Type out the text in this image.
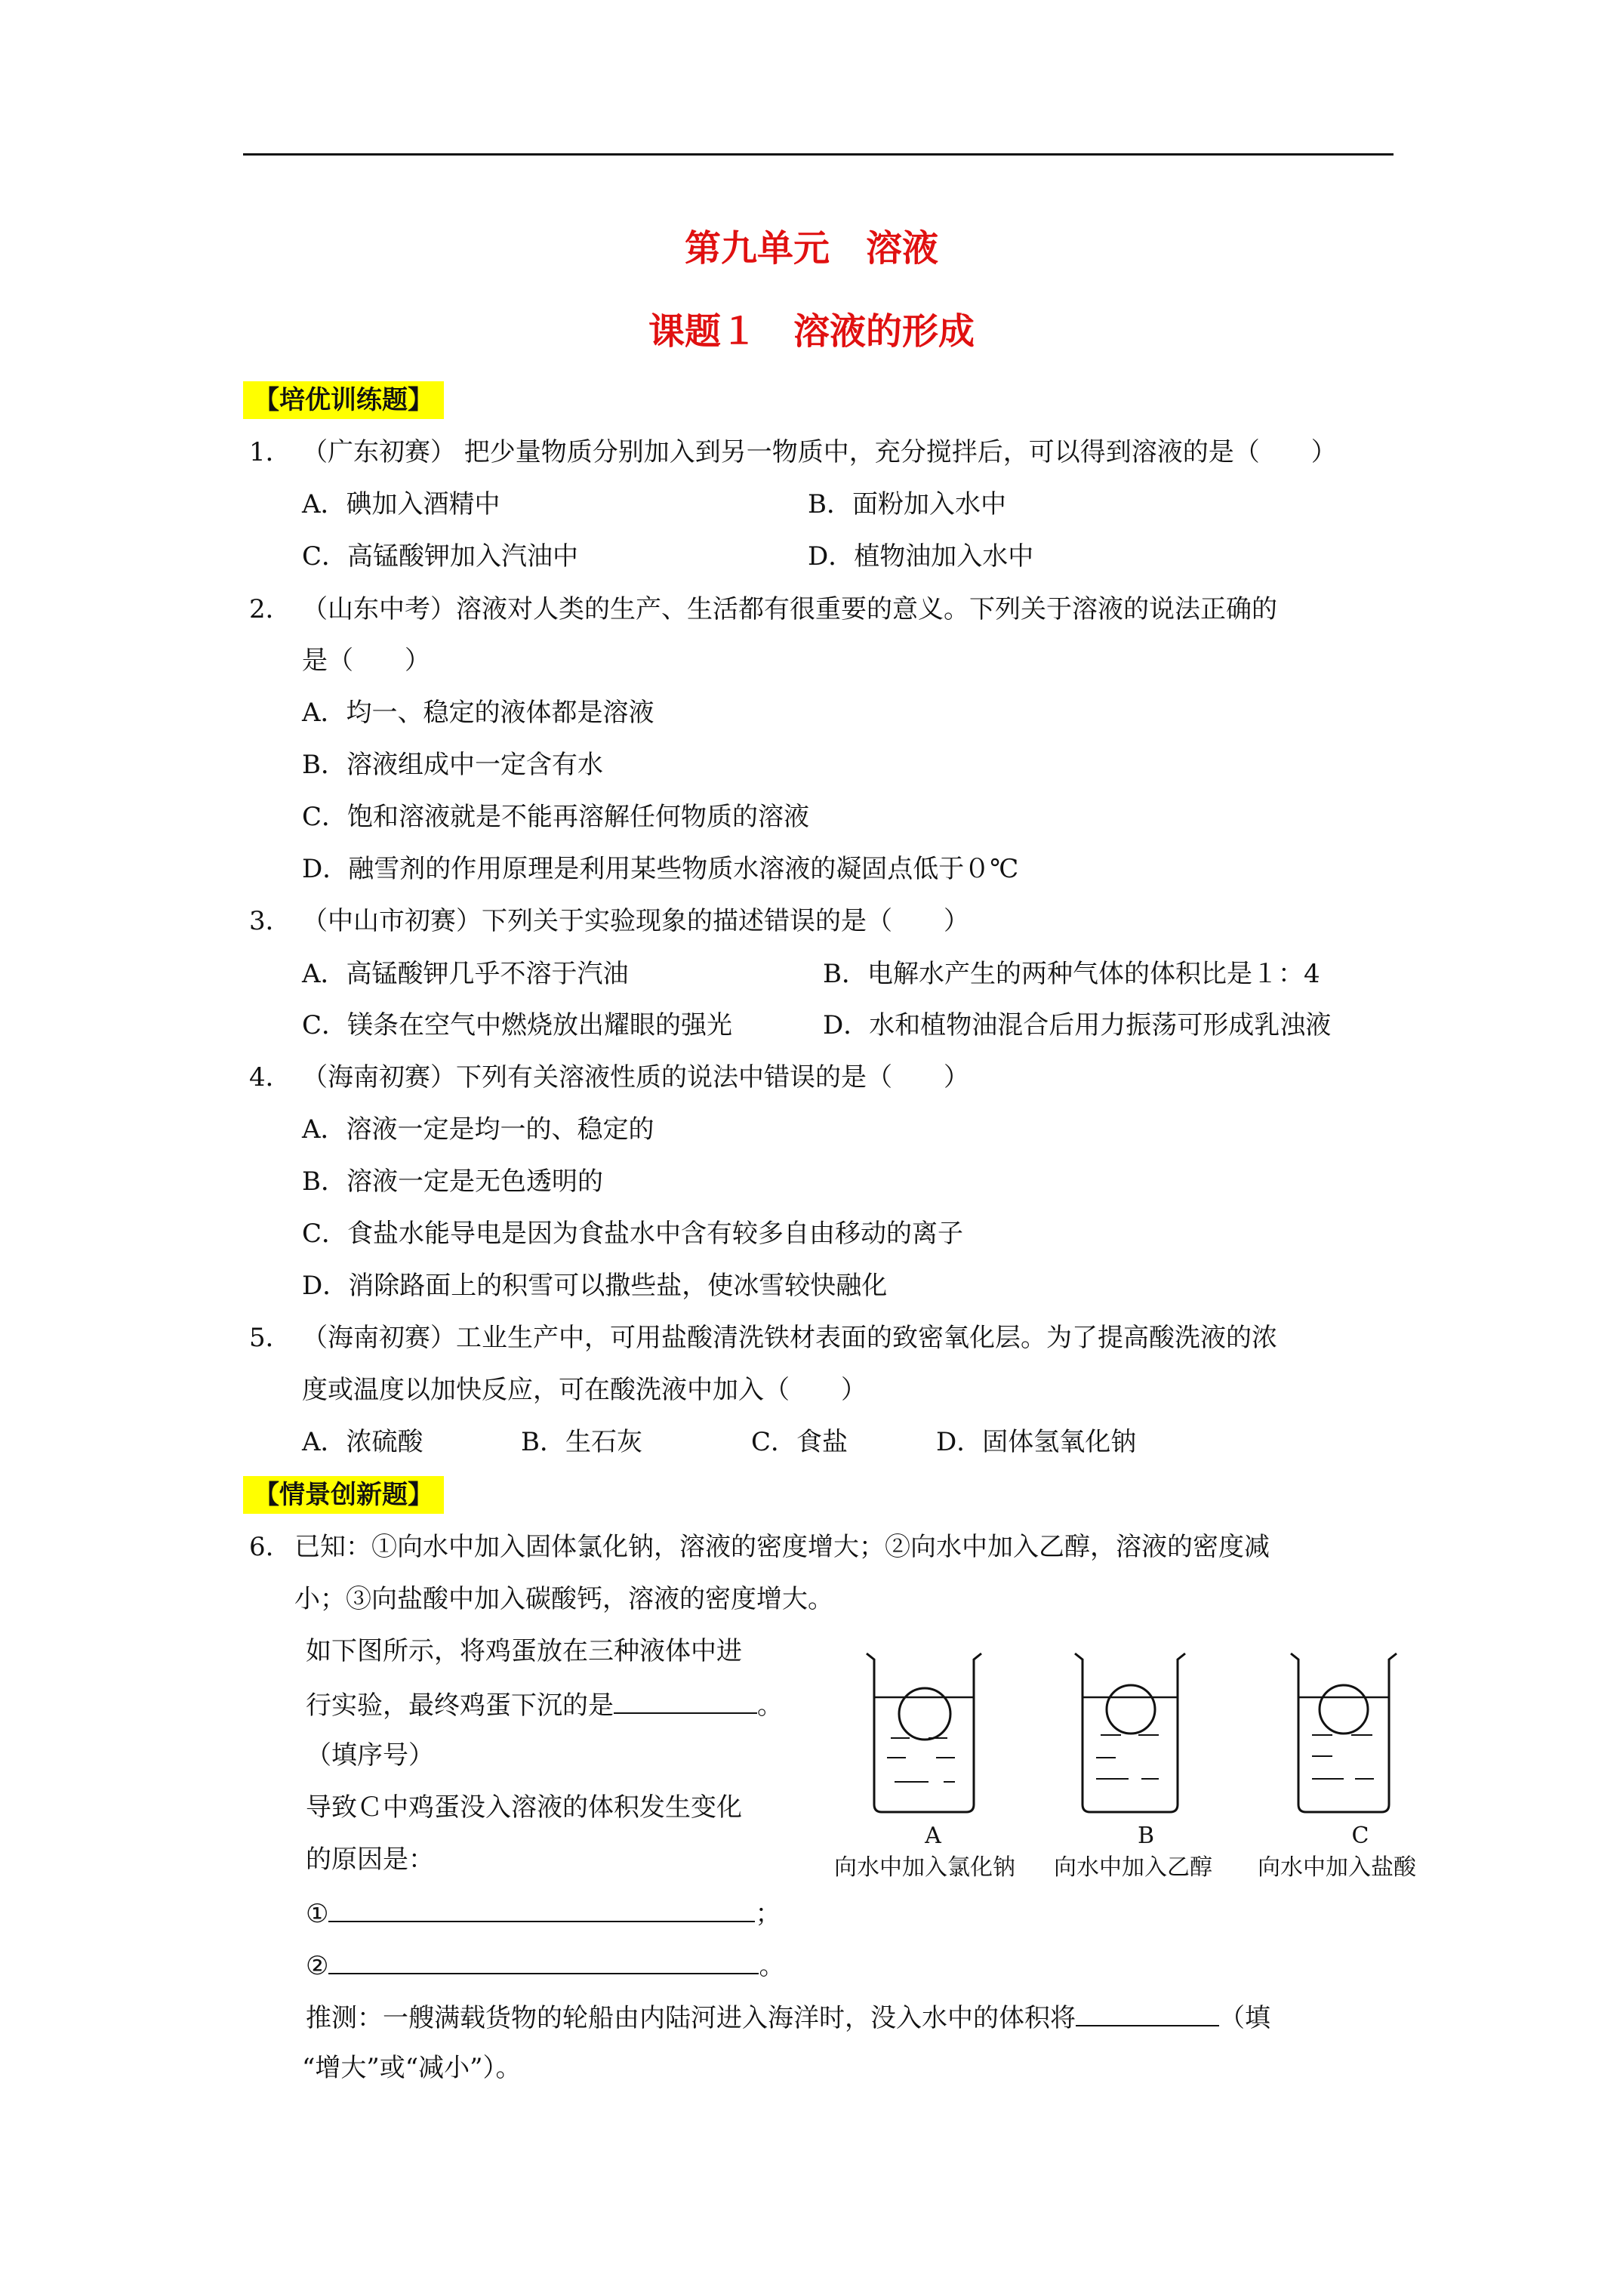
第九单元　溶液
课题１　溶液的形成
【培优训练题】
1． （广东初赛） 把少量物质分别加入到另一物质中，充分搅拌后，可以得到溶液的是（　　）
A．碘加入酒精中	B．面粉加入水中
C．高锰酸钾加入汽油中	D．植物油加入水中
2． （山东中考）溶液对人类的生产、生活都有很重要的意义。下列关于溶液的说法正确的
是（　　）
A．均一、稳定的液体都是溶液
B．溶液组成中一定含有水
C．饱和溶液就是不能再溶解任何物质的溶液
D．融雪剂的作用原理是利用某些物质水溶液的凝固点低于０℃
3． （中山市初赛）下列关于实验现象的描述错误的是（　　）
A．高锰酸钾几乎不溶于汽油	B．电解水产生的两种气体的体积比是１：4
C．镁条在空气中燃烧放出耀眼的强光	D．水和植物油混合后用力振荡可形成乳浊液
4． （海南初赛）下列有关溶液性质的说法中错误的是（　　）
A．溶液一定是均一的、稳定的
B．溶液一定是无色透明的
C．食盐水能导电是因为食盐水中含有较多自由移动的离子
D．消除路面上的积雪可以撒些盐，使冰雪较快融化
5． （海南初赛）工业生产中，可用盐酸清洗铁材表面的致密氧化层。为了提高酸洗液的浓
度或温度以加快反应，可在酸洗液中加入（　　）
A．浓硫酸	B．生石灰	C．食盐	D．固体氢氧化钠
【情景创新题】
6. 已知：①向水中加入固体氯化钠，溶液的密度增大；②向水中加入乙醇，溶液的密度减
小；③向盐酸中加入碳酸钙，溶液的密度增大。
如下图所示，将鸡蛋放在三种液体中进
行实验，最终鸡蛋下沉的是	。
（填序号）
导致Ｃ中鸡蛋没入溶液的体积发生变化
的原因是：
①	；
②	。
推测：一艘满载货物的轮船由内陆河进入海洋时，没入水中的体积将	（填
“增大”或“减小”）。
A	B	C
向水中加入氯化钠 向水中加入乙醇 向水中加入盐酸
